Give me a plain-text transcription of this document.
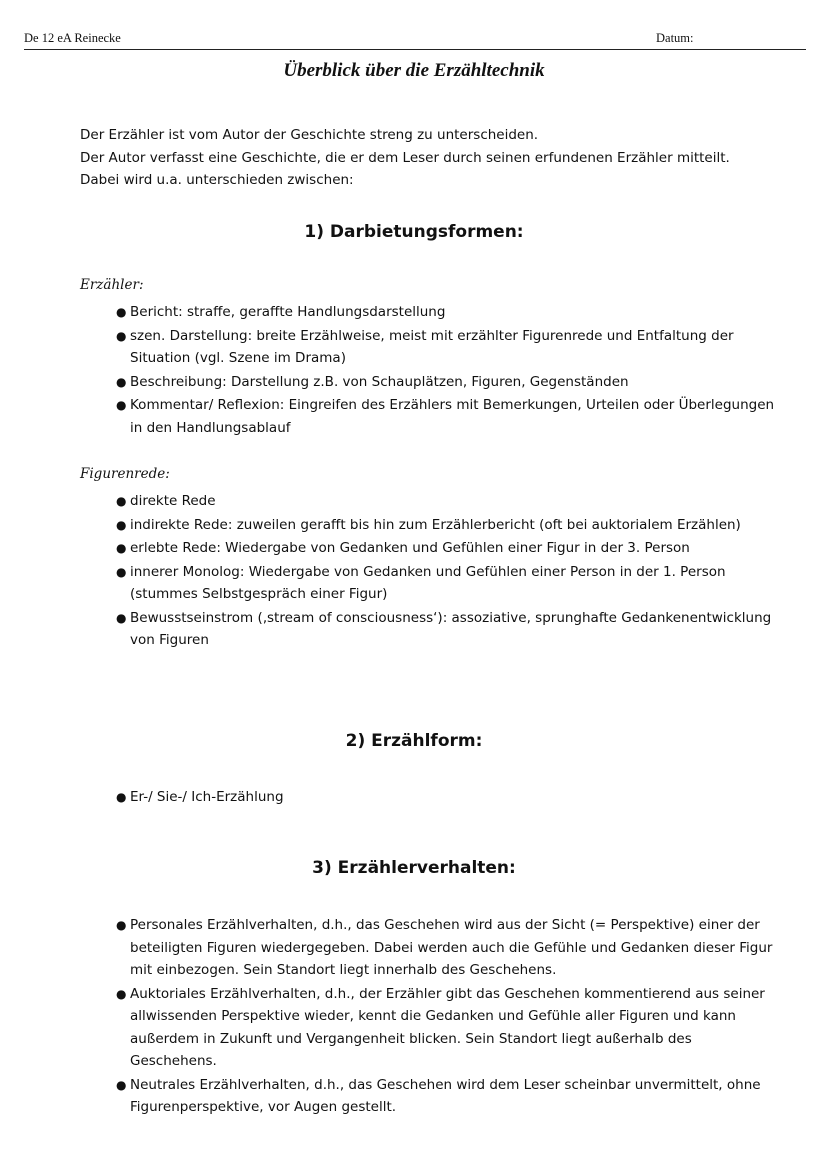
De 12 eA Reinecke	Datum:
Überblick über die Erzähltechnik

Der Erzähler ist vom Autor der Geschichte streng zu unterscheiden.

Der Autor verfasst eine Geschichte, die er dem Leser durch seinen erfundenen Erzähler mitteilt.

Dabei wird u.a. unterschieden zwischen:

1) Darbietungsformen:
Erzähler:
● Bericht: straffe, geraffte Handlungsdarstellung
● szen. Darstellung: breite Erzählweise, meist mit erzählter Figurenrede und Entfaltung der Situation (vgl. Szene im Drama)
● Beschreibung: Darstellung z.B. von Schauplätzen, Figuren, Gegenständen
● Kommentar/ Reflexion: Eingreifen des Erzählers mit Bemerkungen, Urteilen oder Überlegungen in den Handlungsablauf
Figurenrede:
● direkte Rede
● indirekte Rede: zuweilen gerafft bis hin zum Erzählerbericht (oft bei auktorialem Erzählen)
● erlebte Rede: Wiedergabe von Gedanken und Gefühlen einer Figur in der 3. Person
● innerer Monolog: Wiedergabe von Gedanken und Gefühlen einer Person in der 1. Person (stummes Selbstgespräch einer Figur)
● Bewusstseinstrom (‚stream of consciousness‘): assoziative, sprunghafte Gedankenentwicklung von Figuren
2) Erzählform:
● Er-/ Sie-/ Ich-Erzählung
3) Erzählerverhalten:
● Personales Erzählverhalten, d.h., das Geschehen wird aus der Sicht (= Perspektive) einer der beteiligten Figuren wiedergegeben. Dabei werden auch die Gefühle und Gedanken dieser Figur mit einbezogen. Sein Standort liegt innerhalb des Geschehens.
● Auktoriales Erzählverhalten, d.h., der Erzähler gibt das Geschehen kommentierend aus seiner allwissenden Perspektive wieder, kennt die Gedanken und Gefühle aller Figuren und kann außerdem in Zukunft und Vergangenheit blicken. Sein Standort liegt außerhalb des Geschehens.
● Neutrales Erzählverhalten, d.h., das Geschehen wird dem Leser scheinbar unvermittelt, ohne Figurenperspektive, vor Augen gestellt.
